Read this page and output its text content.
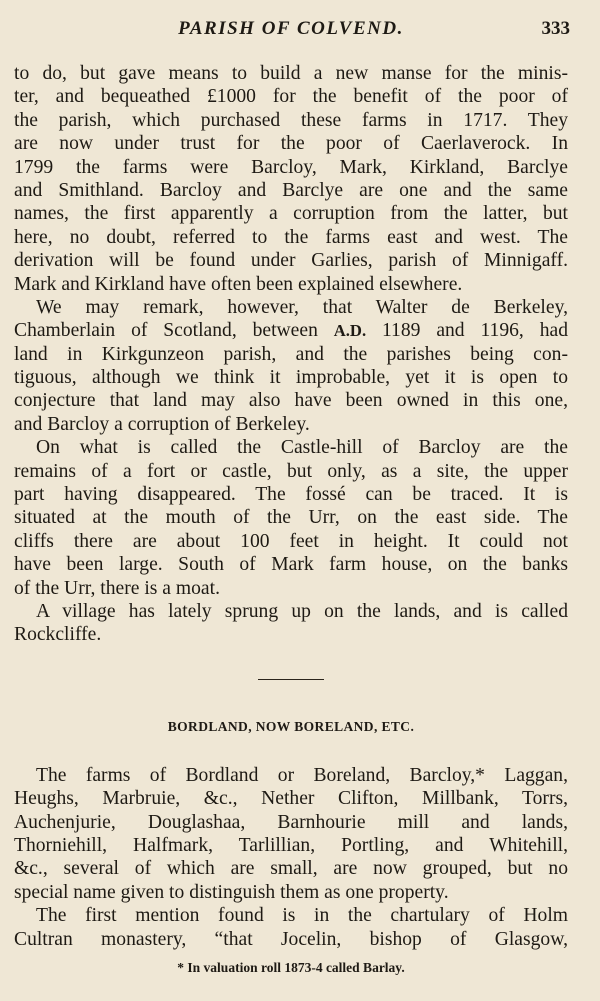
PARISH OF COLVEND.	333
to do, but gave means to build a new manse for the minis-
ter, and bequeathed £1000 for the benefit of the poor of
the parish, which purchased these farms in 1717. They
are now under trust for the poor of Caerlaverock. In
1799 the farms were Barcloy, Mark, Kirkland, Barclye
and Smithland. Barcloy and Barclye are one and the same
names, the first apparently a corruption from the latter, but
here, no doubt, referred to the farms east and west. The
derivation will be found under Garlies, parish of Minnigaff.
Mark and Kirkland have often been explained elsewhere.
We may remark, however, that Walter de Berkeley,
Chamberlain of Scotland, between A.D. 1189 and 1196, had
land in Kirkgunzeon parish, and the parishes being con-
tiguous, although we think it improbable, yet it is open to
conjecture that land may also have been owned in this one,
and Barcloy a corruption of Berkeley.
On what is called the Castle-hill of Barcloy are the
remains of a fort or castle, but only, as a site, the upper
part having disappeared. The fossé can be traced. It is
situated at the mouth of the Urr, on the east side. The
cliffs there are about 100 feet in height. It could not
have been large. South of Mark farm house, on the banks
of the Urr, there is a moat.
A village has lately sprung up on the lands, and is called
Rockcliffe.
BORDLAND, NOW BORELAND, ETC.
The farms of Bordland or Boreland, Barcloy,* Laggan,
Heughs, Marbruie, &c., Nether Clifton, Millbank, Torrs,
Auchenjurie, Douglashaa, Barnhourie mill and lands,
Thorniehill, Halfmark, Tarlillian, Portling, and Whitehill,
&c., several of which are small, are now grouped, but no
special name given to distinguish them as one property.
The first mention found is in the chartulary of Holm
Cultran monastery, “that Jocelin, bishop of Glasgow,
* In valuation roll 1873-4 called Barlay.
